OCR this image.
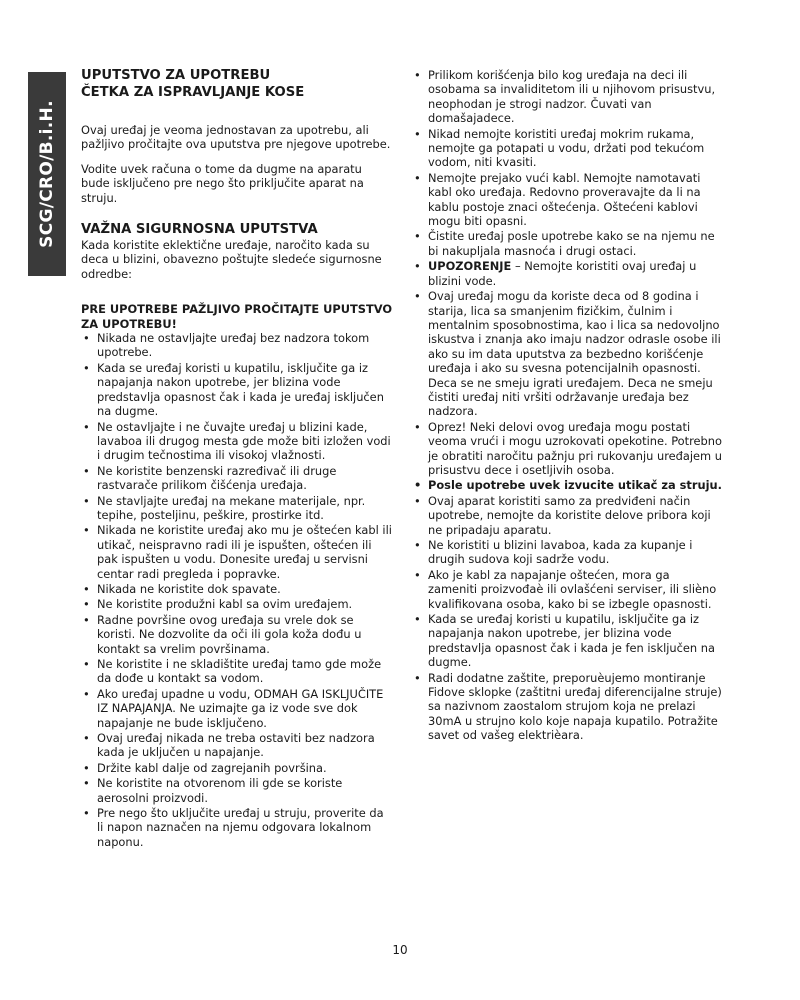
SCG/CRO/B.i.H.
UPUTSTVO ZA UPOTREBU
ČETKA ZA ISPRAVLJANJE KOSE

Ovaj uređaj je veoma jednostavan za upotrebu, ali pažljivo pročitajte ova uputstva pre njegove upotrebe.

Vodite uvek računa o tome da dugme na aparatu bude isključeno pre nego što priključite aparat na struju.

VAŽNA SIGURNOSNA UPUTSTVA

Kada koristite eklektične uređaje, naročito kada su deca u blizini, obavezno poštujte sledeće sigurnosne odredbe:

PRE UPOTREBE PAŽLJIVO PROČITAJTE UPUTSTVO ZA UPOTREBU!
• Nikada ne ostavljajte uređaj bez nadzora tokom upotrebe.
• Kada se uređaj koristi u kupatilu, isključite ga iz napajanja nakon upotrebe, jer blizina vode predstavlja opasnost čak i kada je uređaj isključen na dugme.
• Ne ostavljajte i ne čuvajte uređaj u blizini kade, lavaboa ili drugog mesta gde može biti izložen vodi i drugim tečnostima ili visokoj vlažnosti.
• Ne koristite benzenski razređivač ili druge rastvarače prilikom čišćenja uređaja.
• Ne stavljajte uređaj na mekane materijale, npr. tepihe, posteljinu, peškire, prostirke itd.
• Nikada ne koristite uređaj ako mu je oštećen kabl ili utikač, neispravno radi ili je ispušten, oštećen ili pak ispušten u vodu. Donesite uređaj u servisni centar radi pregleda i popravke.
• Nikada ne koristite dok spavate.
• Ne koristite produžni kabl sa ovim uređajem.
• Radne površine ovog uređaja su vrele dok se koristi. Ne dozvolite da oči ili gola koža dođu u kontakt sa vrelim površinama.
• Ne koristite i ne skladištite uređaj tamo gde može da dođe u kontakt sa vodom.
• Ako uređaj upadne u vodu, ODMAH GA ISKLJUČITE IZ NAPAJANJA. Ne uzimajte ga iz vode sve dok napajanje ne bude isključeno.
• Ovaj uređaj nikada ne treba ostaviti bez nadzora kada je uključen u napajanje.
• Držite kabl dalje od zagrejanih površina.
• Ne koristite na otvorenom ili gde se koriste aerosolni proizvodi.
• Pre nego što uključite uređaj u struju, proverite da li napon naznačen na njemu odgovara lokalnom naponu.
• Prilikom korišćenja bilo kog uređaja na deci ili osobama sa invaliditetom ili u njihovom prisustvu, neophodan je strogi nadzor. Čuvati van domašajadece.
• Nikad nemojte koristiti uređaj mokrim rukama, nemojte ga potapati u vodu, držati pod tekućom vodom, niti kvasiti.
• Nemojte prejako vući kabl. Nemojte namotavati kabl oko uređaja. Redovno proveravajte da li na kablu postoje znaci oštećenja. Oštećeni kablovi mogu biti opasni.
• Čistite uređaj posle upotrebe kako se na njemu ne bi nakupljala masnoća i drugi ostaci.
• UPOZORENJE – Nemojte koristiti ovaj uređaj u blizini vode.
• Ovaj uređaj mogu da koriste deca od 8 godina i starija, lica sa smanjenim fizičkim, čulnim i mentalnim sposobnostima, kao i lica sa nedovoljno iskustva i znanja ako imaju nadzor odrasle osobe ili ako su im data uputstva za bezbedno korišćenje uređaja i ako su svesna potencijalnih opasnosti. Deca se ne smeju igrati uređajem. Deca ne smeju čistiti uređaj niti vršiti održavanje uređaja bez nadzora.
• Oprez! Neki delovi ovog uređaja mogu postati veoma vrući i mogu uzrokovati opekotine. Potrebno je obratiti naročitu pažnju pri rukovanju uređajem u prisustvu dece i osetljivih osoba.
• Posle upotrebe uvek izvucite utikač za struju.
• Ovaj aparat koristiti samo za predviđeni način upotrebe, nemojte da koristite delove pribora koji ne pripadaju aparatu.
• Ne koristiti u blizini lavaboa, kada za kupanje i drugih sudova koji sadrže vodu.
• Ako je kabl za napajanje oštećen, mora ga zameniti proizvođaè ili ovlašćeni serviser, ili slièno kvalifikovana osoba, kako bi se izbegle opasnosti.
• Kada se uređaj koristi u kupatilu, isključite ga iz napajanja nakon upotrebe, jer blizina vode predstavlja opasnost čak i kada je fen isključen na dugme.
• Radi dodatne zaštite, preporuèujemo montiranje Fidove sklopke (zaštitni uređaj diferencijalne struje) sa nazivnom zaostalom strujom koja ne prelazi 30mA u strujno kolo koje napaja kupatilo. Potražite savet od vašeg elektrièara.
10
